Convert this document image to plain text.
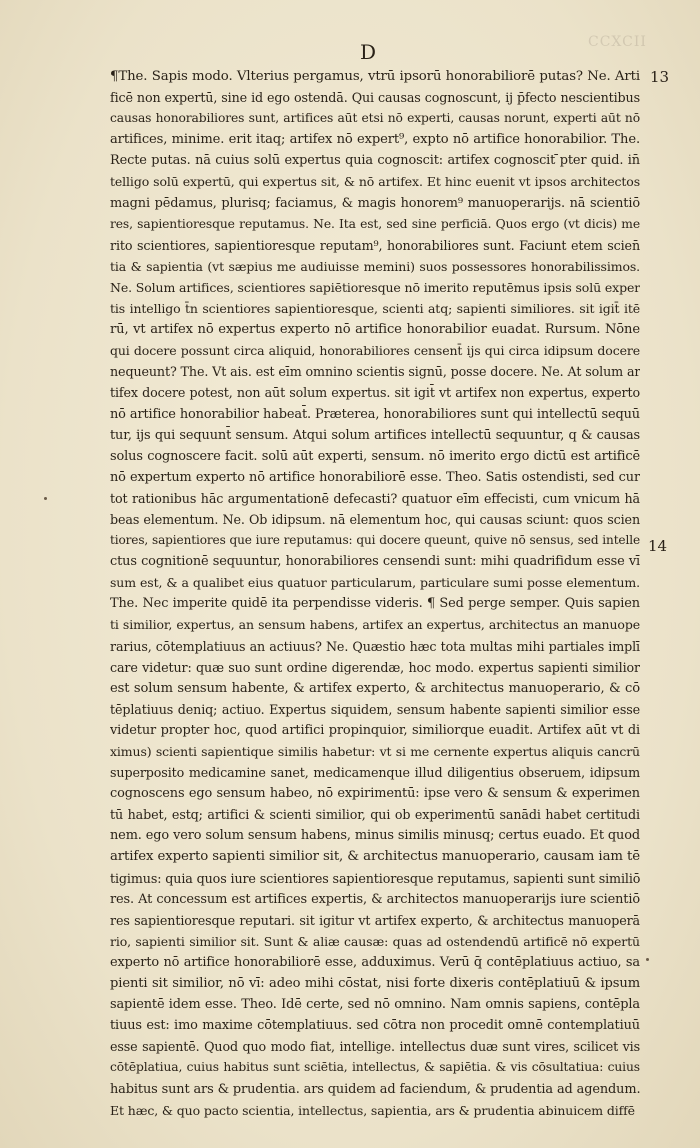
CCXCII
D
13
14
¶The. Sapis modo. Vlterius pergamus, vtrū ipsorū honorabiliorē putas? Ne. Arti
ficē non expertū, sine id ego ostendā. Qui causas cognoscunt, ij p̄fecto nescientibus
causas honorabiliores sunt, artifices aūt etsi nō experti, causas norunt, experti aūt nō
artifices, minime. erit itaq; artifex nō expert⁹, expto nō artifice honorabilior. The.
Recte putas. nā cuius solū expertus quia cognoscit: artifex cognoscit ̄pter quid. in̄
telligo solū expertū, qui expertus sit, & nō artifex. Et hinc euenit vt ipsos architectos
magni pēdamus, plurisq; faciamus, & magis honorem⁹ manuoperarijs. nā scientiō
res, sapientioresque reputamus. Ne. Ita est, sed sine perficiā. Quos ergo (vt dicis) me
rito scientiores, sapientioresque reputam⁹, honorabiliores sunt. Faciunt etem scien̄
tia & sapientia (vt sæpius me audiuisse memini) suos possessores honorabilissimos.
Ne. Solum artifices, scientiores sapiētioresque nō imerito reputēmus ipsis solū exper
tis intelligo t̄n scientiores sapientioresque, scienti atq; sapienti similiores. sit igit̄ itē
rū, vt artifex nō expertus experto nō artifice honorabilior euadat. Rursum. Nōne
qui docere possunt circa aliquid, honorabiliores censent̄ ijs qui circa idipsum docere
nequeunt? The. Vt ais. est eīm omnino scientis signū, posse docere. Ne. At solum ar
tifex docere potest, non aūt solum expertus. sit igit̄ vt artifex non expertus, experto
nō artifice honorabilior habeat̄. Præterea, honorabiliores sunt qui intellectū sequū
tur, ijs qui sequunt̄ sensum. Atqui solum artifices intellectū sequuntur, q & causas
solus cognoscere facit. solū aūt experti, sensum. nō imerito ergo dictū est artificē
nō expertum experto nō artifice honorabiliorē esse. Theo. Satis ostendisti, sed cur
tot rationibus hāc argumentationē defecasti? quatuor eīm effecisti, cum vnicum hā
beas elementum. Ne. Ob idipsum. nā elementum hoc, qui causas sciunt: quos scien
tiores, sapientiores que iure reputamus: qui docere queunt, quive nō sensus, sed intelle
ctus cognitionē sequuntur, honorabiliores censendi sunt: mihi quadrifidum esse vī
sum est, & a qualibet eius quatuor particularum, particulare sumi posse elementum.
The. Nec imperite quidē ita perpendisse videris. ¶ Sed perge semper. Quis sapien
ti similior, expertus, an sensum habens, artifex an expertus, architectus an manuope
rarius, cōtemplatiuus an actiuus? Ne. Quæstio hæc tota multas mihi partiales implī
care videtur: quæ suo sunt ordine digerendæ, hoc modo. expertus sapienti similior
est solum sensum habente, & artifex experto, & architectus manuoperario, & cō
tēplatiuus deniq; actiuo. Expertus siquidem, sensum habente sapienti similior esse
videtur propter hoc, quod artifici propinquior, similiorque euadit. Artifex aūt vt di
ximus) scienti sapientique similis habetur: vt si me cernente expertus aliquis cancrū
superposito medicamine sanet, medicamenque illud diligentius obseruem, idipsum
cognoscens ego sensum habeo, nō expirimentū: ipse vero & sensum & experimen
tū habet, estq; artifici & scienti similior, qui ob experimentū sanādi habet certitudi
nem. ego vero solum sensum habens, minus similis minusq; certus euado. Et quod
artifex experto sapienti similior sit, & architectus manuoperario, causam iam tē
tigimus: quia quos iure scientiores sapientioresque reputamus, sapienti sunt similiō
res. At concessum est artifices expertis, & architectos manuoperarijs iure scientiō
res sapientioresque reputari. sit igitur vt artifex experto, & architectus manuoperā
rio, sapienti similior sit. Sunt & aliæ causæ: quas ad ostendendū artificē nō expertū
experto nō artifice honorabiliorē esse, adduximus. Verū q̄ contēplatiuus actiuo, sa
pienti sit similior, nō vī: adeo mihi cōstat, nisi forte dixeris contēplatiuū & ipsum
sapientē idem esse. Theo. Idē certe, sed nō omnino. Nam omnis sapiens, contēpla
tiuus est: imo maxime cōtemplatiuus. sed cōtra non procedit omnē contemplatiuū
esse sapientē. Quod quo modo fiat, intellige. intellectus duæ sunt vires, scilicet vis
cōtēplatiua, cuius habitus sunt sciētia, intellectus, & sapiētia. & vis cōsultatiua: cuius
habitus sunt ars & prudentia. ars quidem ad faciendum, & prudentia ad agendum.
Et hæc, & quo pacto scientia, intellectus, sapientia, ars & prudentia abinuicem diffē
